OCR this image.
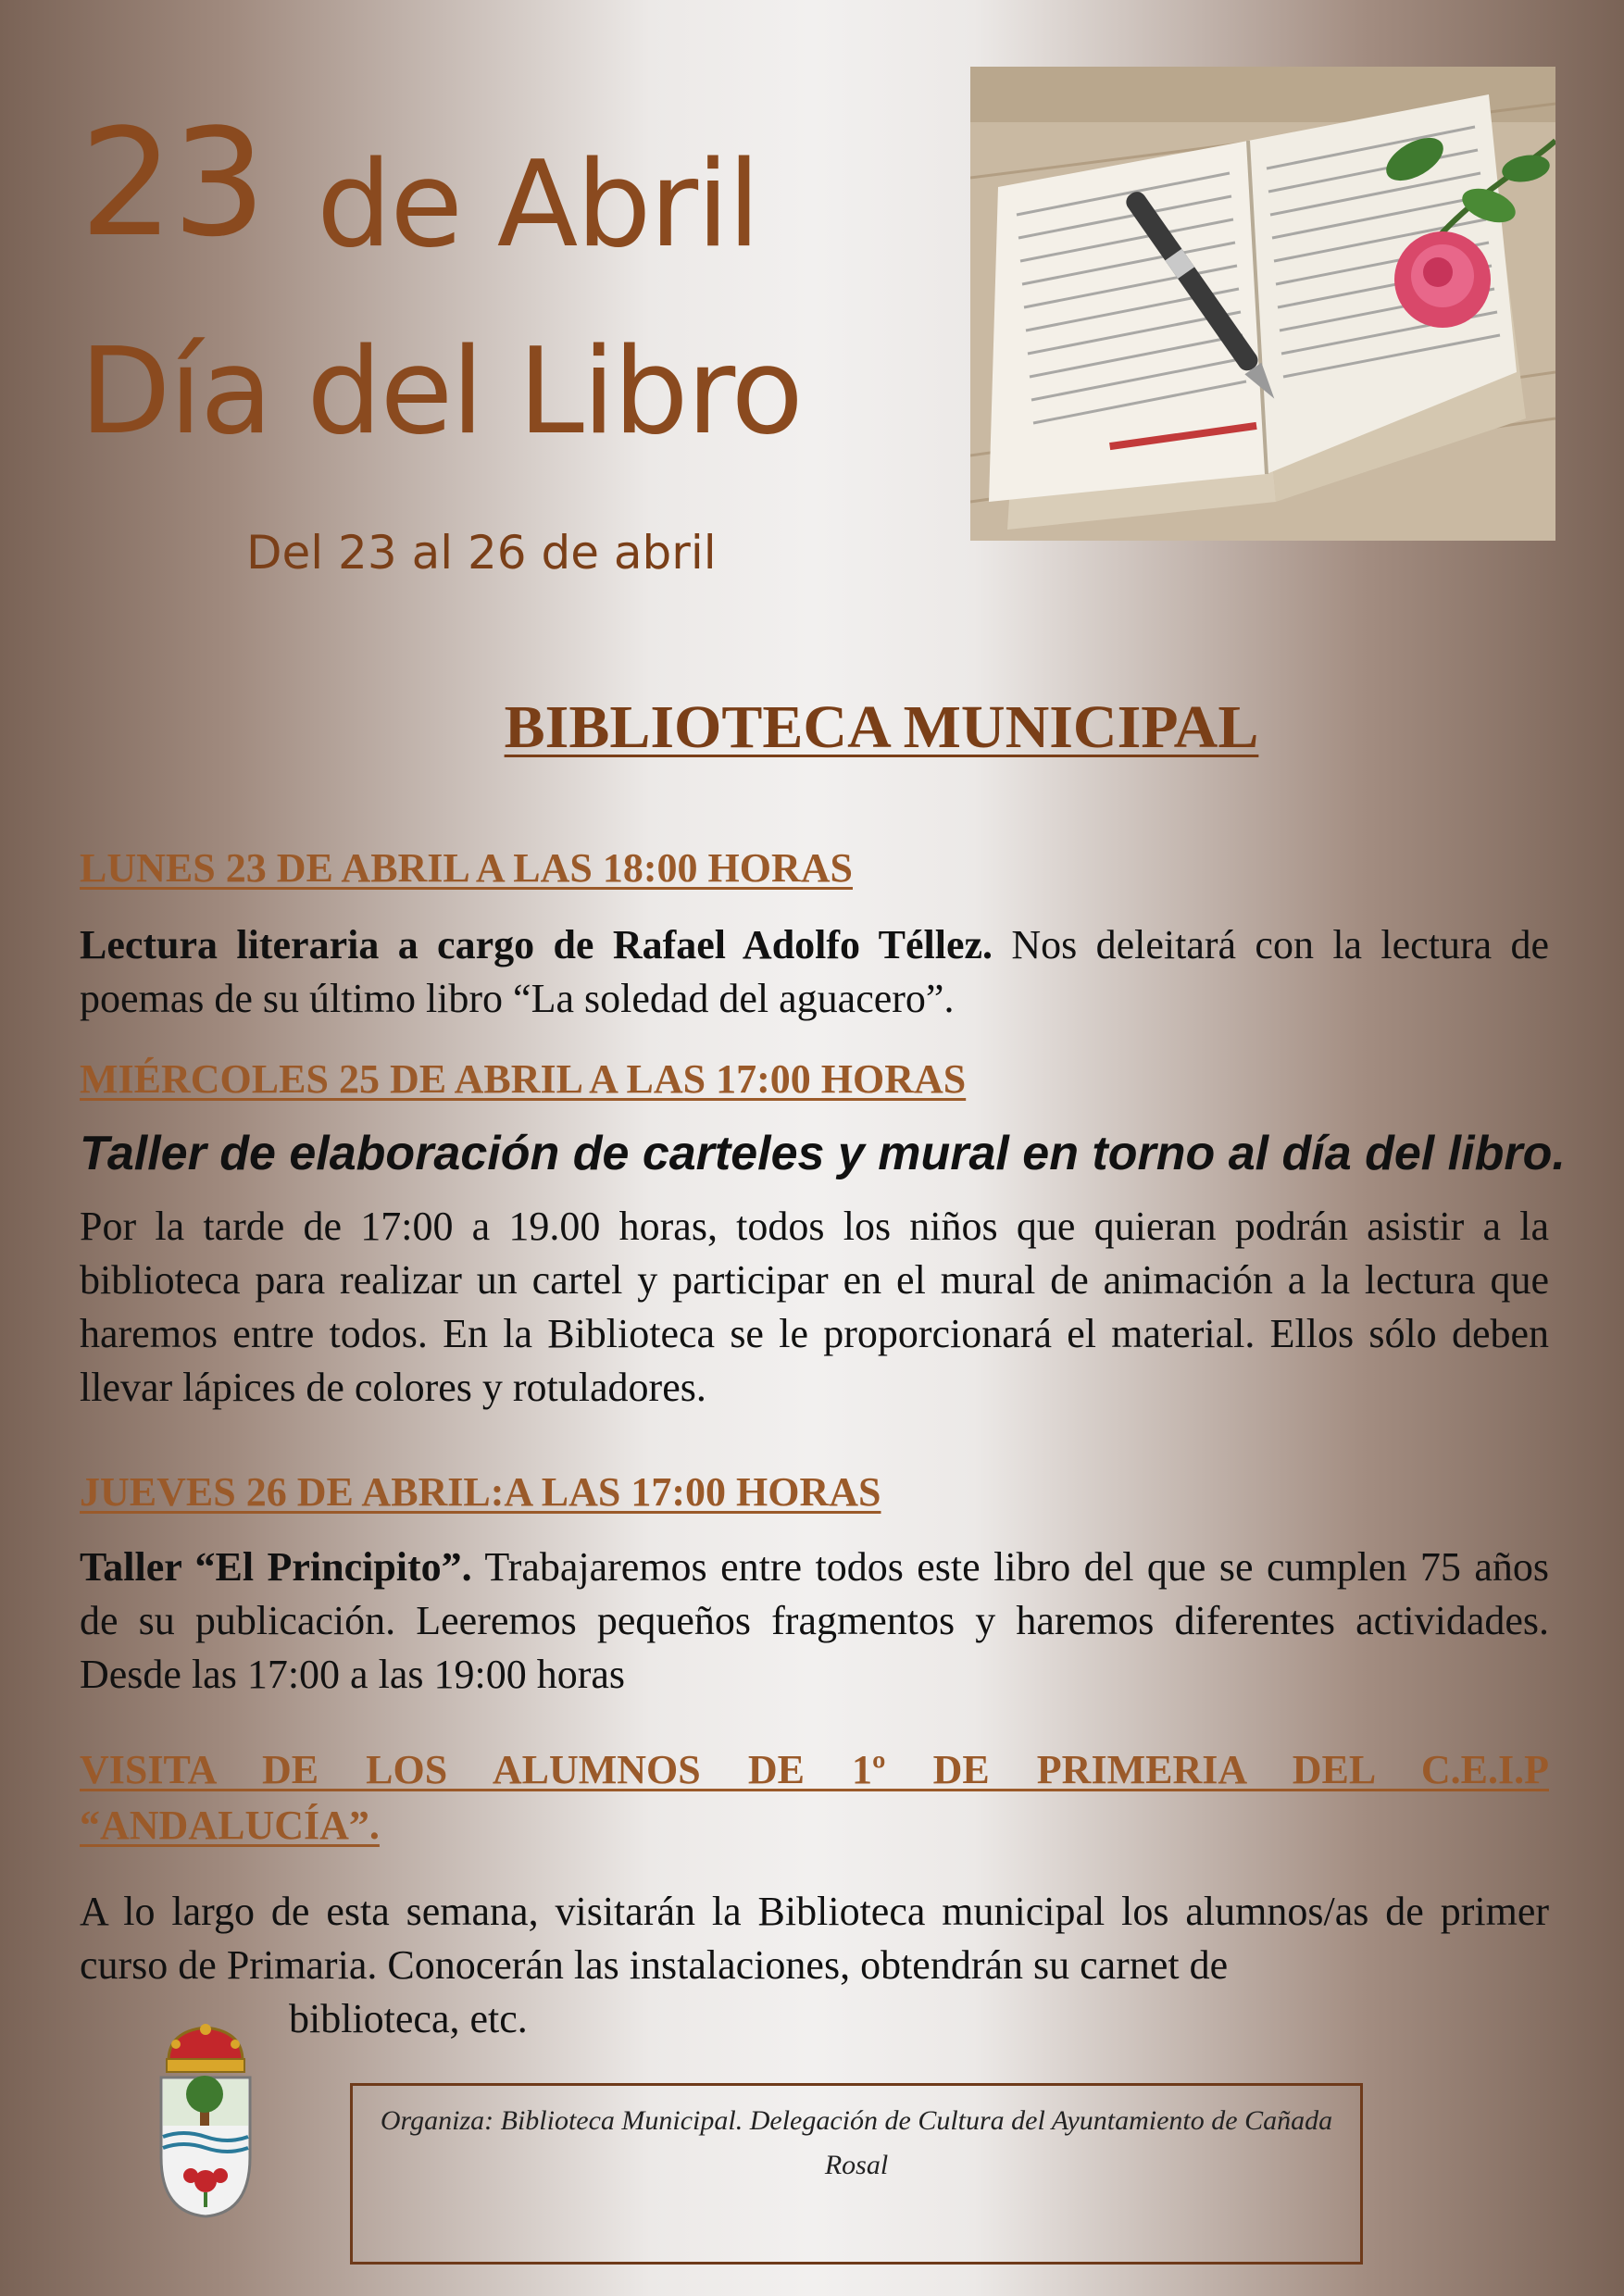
23 de Abril
Día del Libro
Del 23 al 26 de abril
BIBLIOTECA MUNICIPAL

LUNES 23 DE ABRIL A LAS 18:00 HORAS

Lectura literaria a cargo de Rafael Adolfo Téllez. Nos deleitará con la lectura de poemas de su último libro “La soledad del aguacero”.

MIÉRCOLES 25 DE ABRIL A LAS 17:00 HORAS

Taller de elaboración de carteles y mural en torno al día del libro.

Por la tarde de 17:00 a 19.00 horas, todos los niños que quieran podrán asistir a la biblioteca para realizar un cartel y participar en el mural de animación a la lectura que haremos entre todos. En la Biblioteca se le proporcionará el material. Ellos sólo deben llevar lápices de colores y rotuladores.

JUEVES 26 DE ABRIL:A LAS 17:00 HORAS

Taller “El Principito”. Trabajaremos entre todos este libro del que se cumplen 75 años de su publicación. Leeremos pequeños fragmentos y haremos diferentes actividades. Desde las 17:00 a las 19:00 horas

VISITA DE LOS ALUMNOS DE 1º DE PRIMERIA DEL C.E.I.P
“ANDALUCÍA”.

A lo largo de esta semana, visitarán la Biblioteca municipal los alumnos/as de primer curso de Primaria. Conocerán las instalaciones, obtendrán su carnet de

biblioteca, etc.

Organiza: Biblioteca Municipal. Delegación de Cultura del Ayuntamiento de Cañada Rosal
